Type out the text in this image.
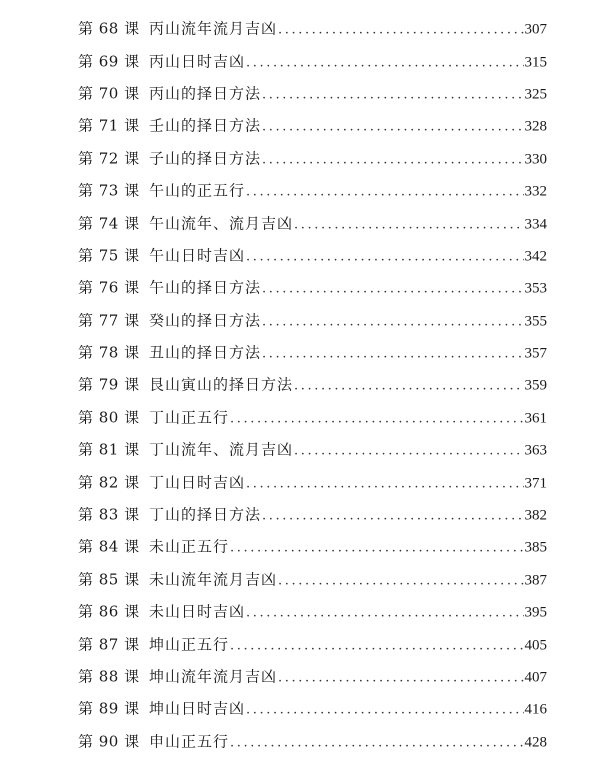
第 68 课 丙山流年流月吉凶 .....	307
第 69 课 丙山日时吉凶 .....	315
第 70 课 丙山的择日方法 .....	325
第 71 课 壬山的择日方法 .....	328
第 72 课 子山的择日方法 .....	330
第 73 课 午山的正五行 .....	332
第 74 课 午山流年、流月吉凶 .....	334
第 75 课 午山日时吉凶 .....	342
第 76 课 午山的择日方法 .....	353
第 77 课 癸山的择日方法 .....	355
第 78 课 丑山的择日方法 .....	357
第 79 课 艮山寅山的择日方法 .....	359
第 80 课 丁山正五行 .....	361
第 81 课 丁山流年、流月吉凶 .....	363
第 82 课 丁山日时吉凶 .....	371
第 83 课 丁山的择日方法 .....	382
第 84 课 未山正五行 .....	385
第 85 课 未山流年流月吉凶 .....	387
第 86 课 未山日时吉凶 .....	395
第 87 课 坤山正五行 .....	405
第 88 课 坤山流年流月吉凶 .....	407
第 89 课 坤山日时吉凶 .....	416
第 90 课 申山正五行 .....	428
